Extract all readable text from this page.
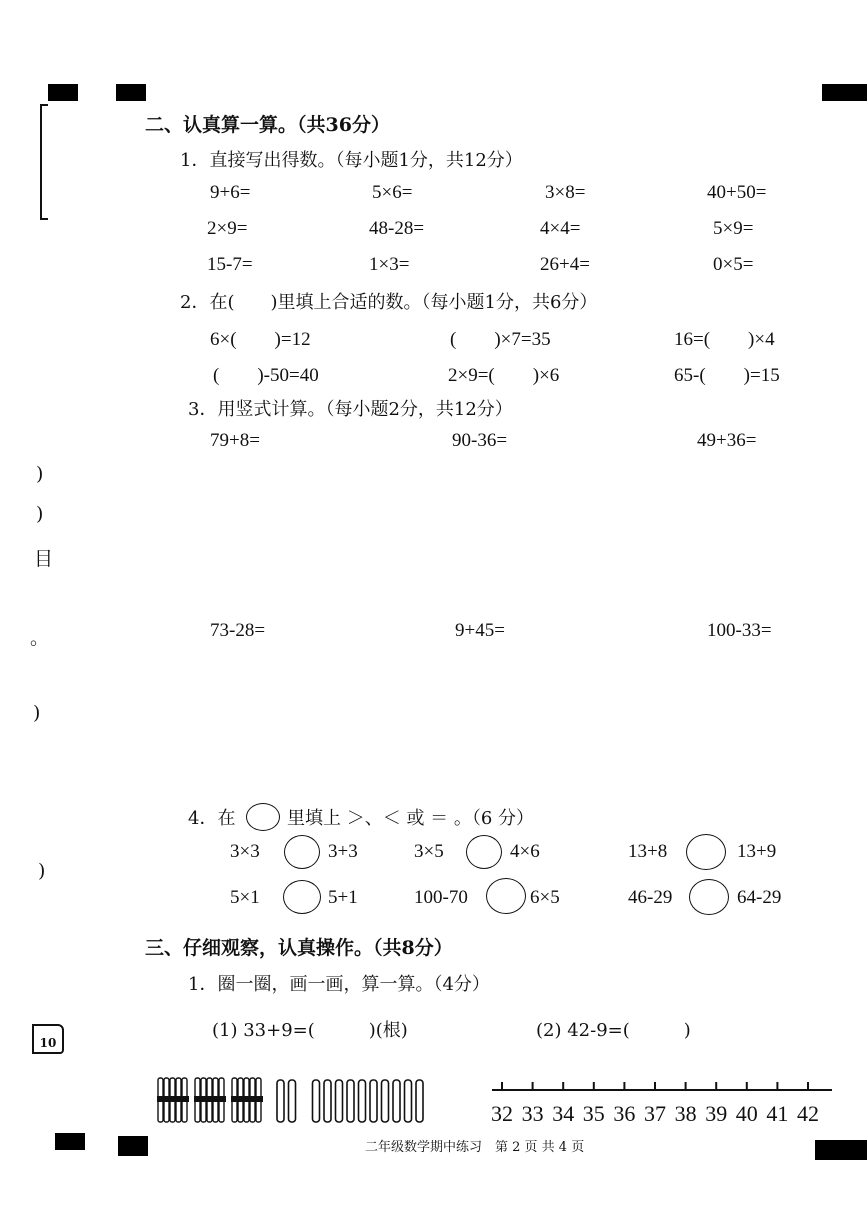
)
)
目
。
)
)
10
二、认真算一算。（共36分）
1．直接写出得数。（每小题1分，共12分）
9+6=	5×6=	3×8=	40+50=
2×9=	48-28=	4×4=	5×9=
15-7=	1×3=	26+4=	0×5=
2．在(　　)里填上合适的数。（每小题1分，共6分）
6×(　　)=12	(　　)×7=35	16=(　　)×4
(　　)-50=40	2×9=(　　)×6	65-(　　)=15
3．用竖式计算。（每小题2分，共12分）
79+8=	90-36=	49+36=
73-28=	9+45=	100-33=
4．在	里填上 ＞、＜ 或 ＝ 。（6 分）
3×3	3+3	3×5	4×6	13+8	13+9
5×1	5+1	100-70	6×5	46-29	64-29
三、仔细观察，认真操作。（共8分）
1．圈一圈，画一画，算一算。（4分）
(1) 33+9=(　　　)(根)	(2) 42-9=(　　　)
32 33 34 35 36 37 38 39 40 41 42
二年级数学期中练习　第 2 页 共 4 页
